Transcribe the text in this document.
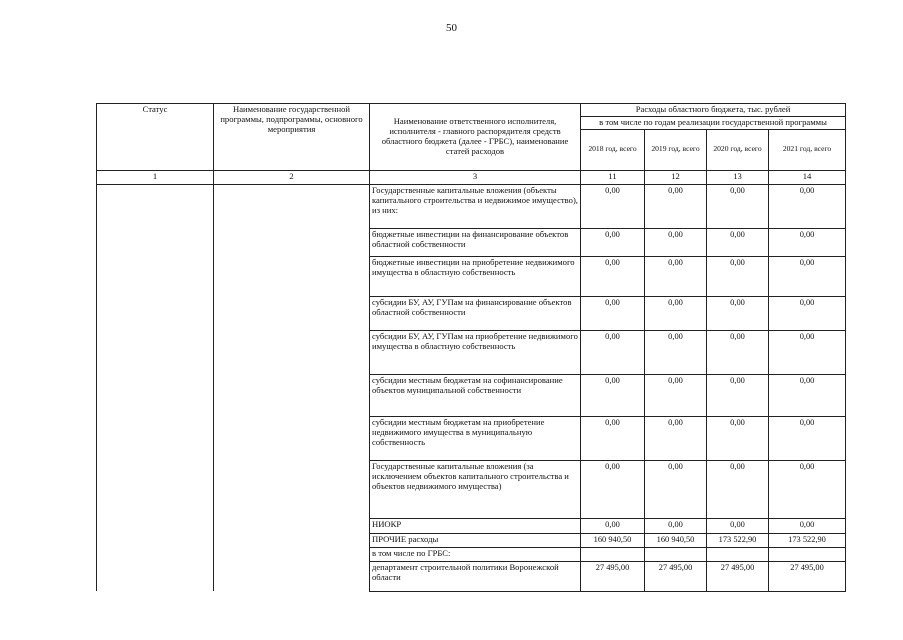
50
Статус	Наименование государственной программы, подпрограммы, основного мероприятия	Наименование ответственного исполнителя, исполнителя - главного распорядителя средств областного бюджета (далее - ГРБС), наименование статей расходов	Расходы областного бюджета, тыс. рублей			
			в том числе по годам реализации государственной программы			
			2018 год, всего	2019 год, всего	2020 год, всего	2021 год, всего
1	2	3	11	12	13	14
		Государственные капитальные вложения (объекты капитального строительства и недвижимое имущество), из них:	0,00	0,00	0,00	0,00
		бюджетные инвестиции на финансирование объектов областной собственности	0,00	0,00	0,00	0,00
		бюджетные инвестиции на приобретение недвижимого имущества в областную собственность	0,00	0,00	0,00	0,00
		субсидии БУ, АУ, ГУПам на финансирование объектов областной собственности	0,00	0,00	0,00	0,00
		субсидии БУ, АУ, ГУПам на приобретение недвижимого имущества в областную собственность	0,00	0,00	0,00	0,00
		субсидии местным бюджетам на софинансирование объектов муниципальной собственности	0,00	0,00	0,00	0,00
		субсидии местным бюджетам на приобретение недвижимого имущества в муниципальную собственность	0,00	0,00	0,00	0,00
		Государственные капитальные вложения (за исключением объектов капитального строительства и объектов недвижимого имущества)	0,00	0,00	0,00	0,00
		НИОКР	0,00	0,00	0,00	0,00
		ПРОЧИЕ расходы	160 940,50	160 940,50	173 522,90	173 522,90
		в том числе по ГРБС:				
		департамент строительной политики Воронежской области	27 495,00	27 495,00	27 495,00	27 495,00
